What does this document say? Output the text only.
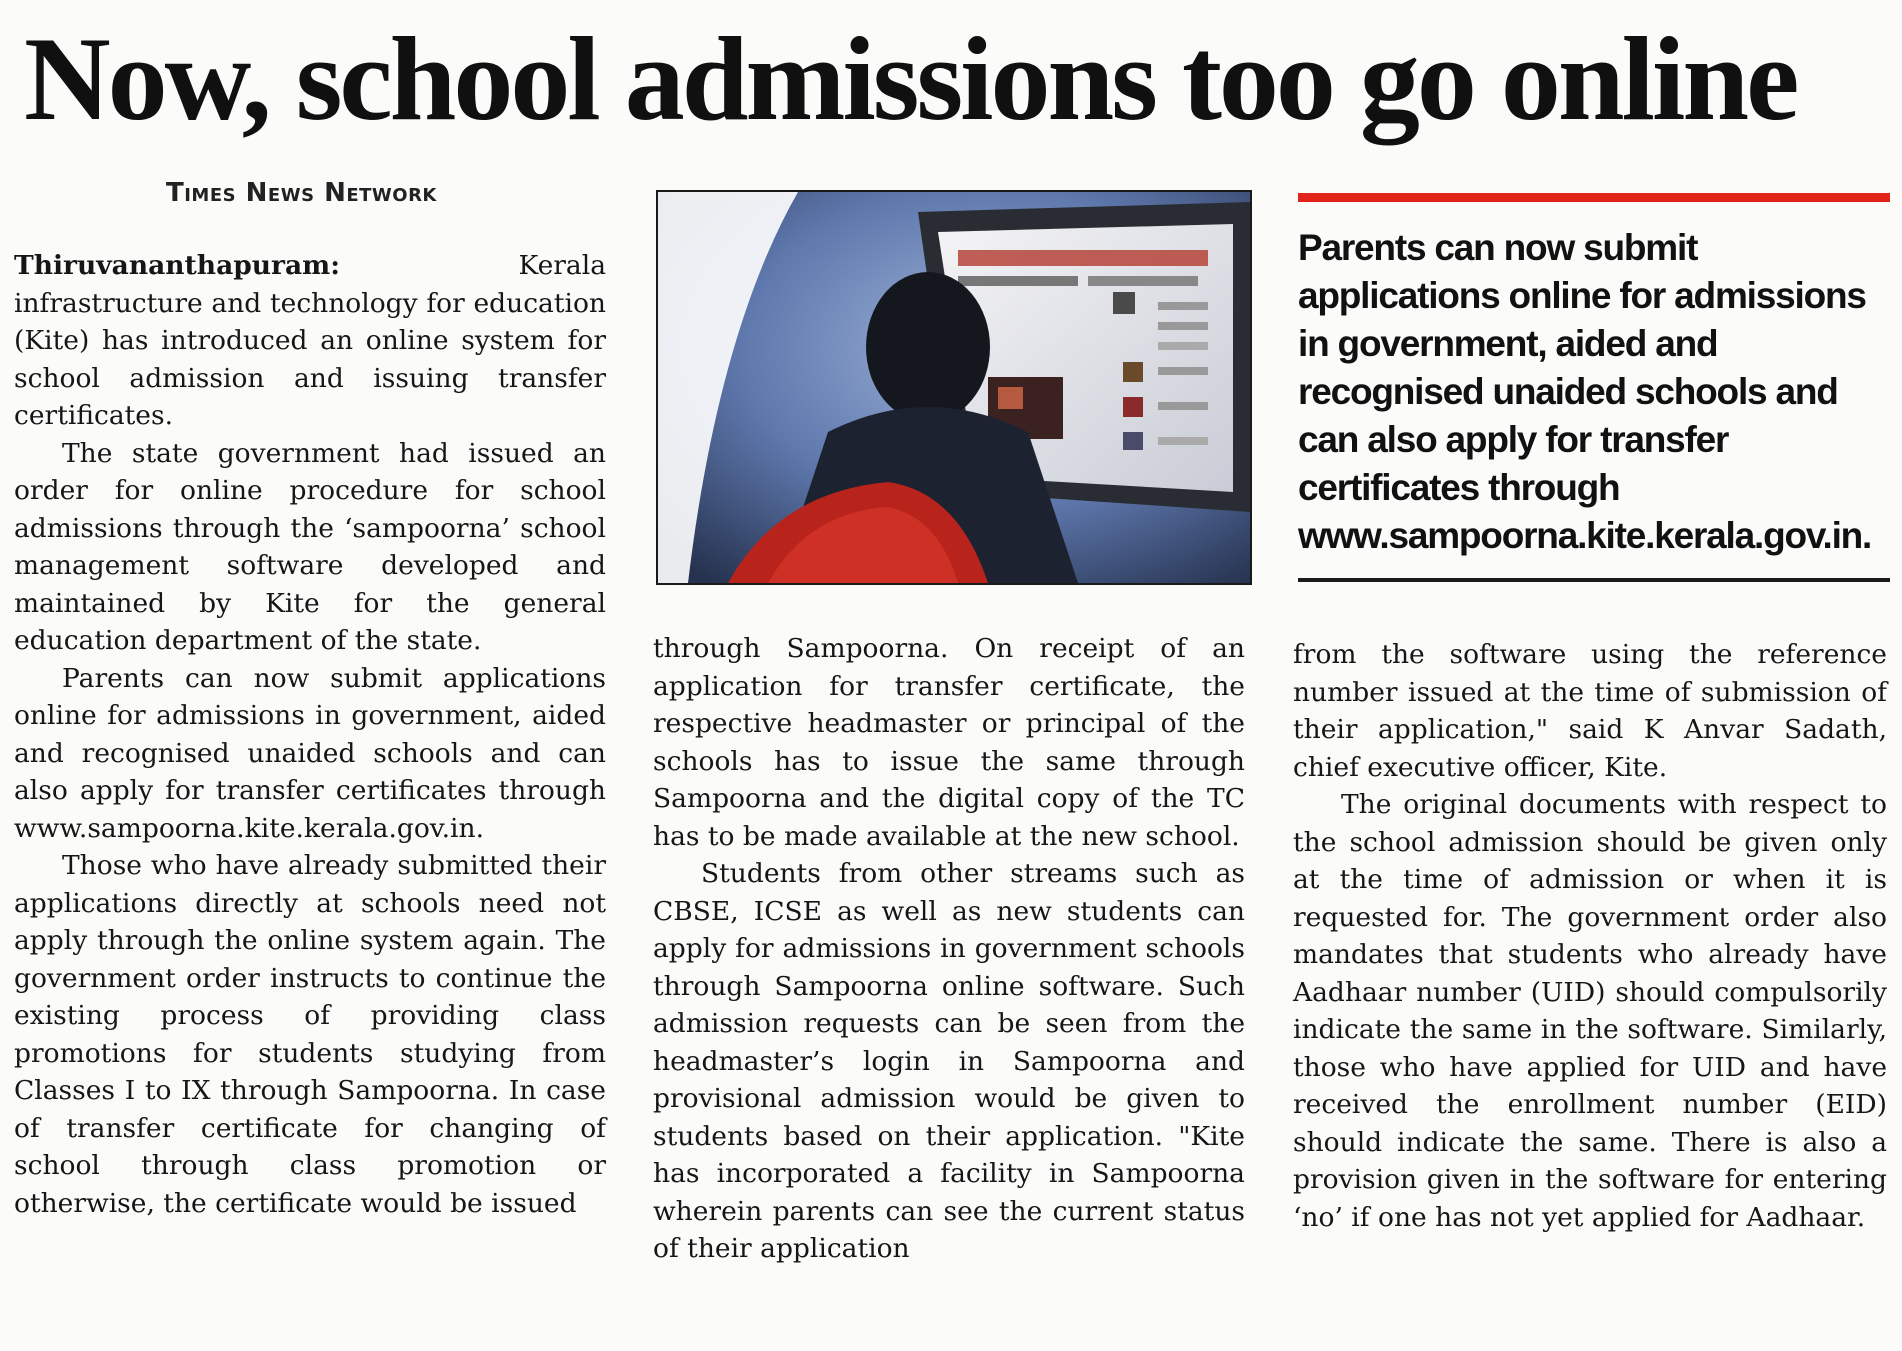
Now, school admissions too go online
Times News Network

Thiruvananthapuram:	Kerala infrastructure and technology for education (Kite) has introduced an online system for school admission and issuing transfer certificates.

The state government had issued an order for online procedure for school admissions through the ‘sampoorna’ school management software developed and maintained by Kite for the general education department of the state.

Parents can now submit applications online for admissions in government, aided and recognised unaided schools and can also apply for transfer certificates through www.sampoorna.kite.kerala.gov.in.

Those who have already submitted their applications directly at schools need not apply through the online system again. The government order instructs to continue the existing process of providing class promotions for students studying from Classes I to IX through Sampoorna. In case of transfer certificate for changing of school through class promotion or otherwise, the certificate would be issued

Parents can now submit applications online for admissions in government, aided and recognised unaided schools and can also apply for transfer certificates through www.sampoorna.kite.kerala.gov.in.

through Sampoorna. On receipt of an application for transfer certificate, the respective headmaster or principal of the schools has to issue the same through Sampoorna and the digital copy of the TC has to be made available at the new school.

Students from other streams such as CBSE, ICSE as well as new students can apply for admissions in government schools through Sampoorna online software. Such admission requests can be seen from the headmaster’s login in Sampoorna and provisional admission would be given to students based on their application. "Kite has incorporated a facility in Sampoorna wherein parents can see the current status of their application

from the software using the reference number issued at the time of submission of their application," said K Anvar Sadath, chief executive officer, Kite.

The original documents with respect to the school admission should be given only at the time of admission or when it is requested for. The government order also mandates that students who already have Aadhaar number (UID) should compulsorily indicate the same in the software. Similarly, those who have applied for UID and have received the enrollment number (EID) should indicate the same. There is also a provision given in the software for entering ‘no’ if one has not yet applied for Aadhaar.
